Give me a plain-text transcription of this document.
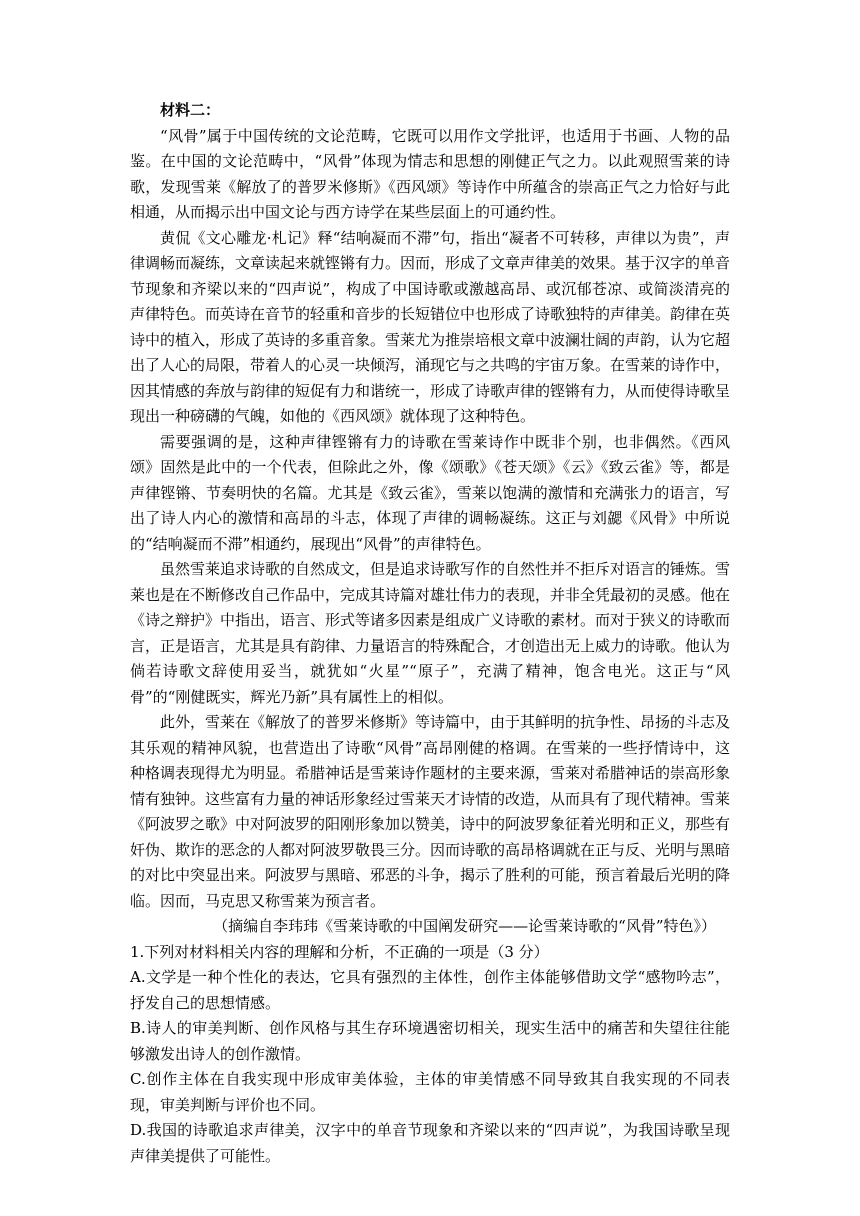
材料二：

“风骨”属于中国传统的文论范畴，它既可以用作文学批评，也适用于书画、人物的品鉴。在中国的文论范畴中，“风骨”体现为情志和思想的刚健正气之力。以此观照雪莱的诗歌，发现雪莱《解放了的普罗米修斯》《西风颂》等诗作中所蕴含的崇高正气之力恰好与此相通，从而揭示出中国文论与西方诗学在某些层面上的可通约性。

黄侃《文心雕龙·札记》释“结响凝而不滞”句，指出“凝者不可转移，声律以为贵”，声律调畅而凝练，文章读起来就铿锵有力。因而，形成了文章声律美的效果。基于汉字的单音节现象和齐梁以来的“四声说”，构成了中国诗歌或激越高昂、或沉郁苍凉、或简淡清亮的声律特色。而英诗在音节的轻重和音步的长短错位中也形成了诗歌独特的声律美。韵律在英诗中的植入，形成了英诗的多重音象。雪莱尤为推崇培根文章中波澜壮阔的声韵，认为它超出了人心的局限，带着人的心灵一块倾泻，涌现它与之共鸣的宇宙万象。在雪莱的诗作中，因其情感的奔放与韵律的短促有力和谐统一，形成了诗歌声律的铿锵有力，从而使得诗歌呈现出一种磅礴的气魄，如他的《西风颂》就体现了这种特色。

需要强调的是，这种声律铿锵有力的诗歌在雪莱诗作中既非个别，也非偶然。《西风颂》固然是此中的一个代表，但除此之外，像《颂歌》《苍天颂》《云》《致云雀》等，都是声律铿锵、节奏明快的名篇。尤其是《致云雀》，雪莱以饱满的激情和充满张力的语言，写出了诗人内心的激情和高昂的斗志，体现了声律的调畅凝练。这正与刘勰《风骨》中所说的“结响凝而不滞”相通约，展现出“风骨”的声律特色。

虽然雪莱追求诗歌的自然成文，但是追求诗歌写作的自然性并不拒斥对语言的锤炼。雪莱也是在不断修改自己作品中，完成其诗篇对雄壮伟力的表现，并非全凭最初的灵感。他在《诗之辩护》中指出，语言、形式等诸多因素是组成广义诗歌的素材。而对于狭义的诗歌而言，正是语言，尤其是具有韵律、力量语言的特殊配合，才创造出无上威力的诗歌。他认为倘若诗歌文辞使用妥当，就犹如“火星”“原子”，充满了精神，饱含电光。这正与“风骨”的“刚健既实，辉光乃新”具有属性上的相似。

此外，雪莱在《解放了的普罗米修斯》等诗篇中，由于其鲜明的抗争性、昂扬的斗志及其乐观的精神风貌，也营造出了诗歌“风骨”高昂刚健的格调。在雪莱的一些抒情诗中，这种格调表现得尤为明显。希腊神话是雪莱诗作题材的主要来源，雪莱对希腊神话的崇高形象情有独钟。这些富有力量的神话形象经过雪莱天才诗情的改造，从而具有了现代精神。雪莱《阿波罗之歌》中对阿波罗的阳刚形象加以赞美，诗中的阿波罗象征着光明和正义，那些有奸伪、欺诈的恶念的人都对阿波罗敬畏三分。因而诗歌的高昂格调就在正与反、光明与黑暗的对比中突显出来。阿波罗与黑暗、邪恶的斗争，揭示了胜利的可能，预言着最后光明的降临。因而，马克思又称雪莱为预言者。

（摘编自李玮玮《雪莱诗歌的中国阐发研究——论雪莱诗歌的“风骨”特色》）

1.下列对材料相关内容的理解和分析，不正确的一项是（3 分）

A.文学是一种个性化的表达，它具有强烈的主体性，创作主体能够借助文学“感物吟志”，抒发自己的思想情感。

B.诗人的审美判断、创作风格与其生存环境遇密切相关，现实生活中的痛苦和失望往往能够激发出诗人的创作激情。

C.创作主体在自我实现中形成审美体验，主体的审美情感不同导致其自我实现的不同表现，审美判断与评价也不同。

D.我国的诗歌追求声律美，汉字中的单音节现象和齐梁以来的“四声说”，为我国诗歌呈现声律美提供了可能性。
